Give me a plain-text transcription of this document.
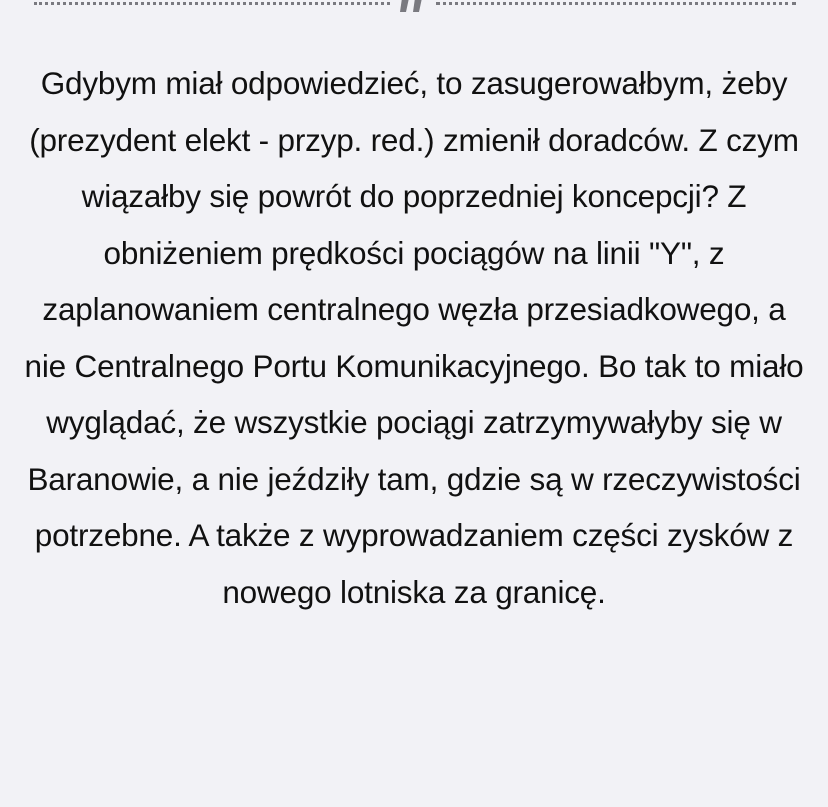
Gdybym miał odpowiedzieć, to zasugerowałbym, żeby (prezydent elekt - przyp. red.) zmienił doradców. Z czym wiązałby się powrót do poprzedniej koncepcji? Z obniżeniem prędkości pociągów na linii "Y", z zaplanowaniem centralnego węzła przesiadkowego, a nie Centralnego Portu Komunikacyjnego. Bo tak to miało wyglądać, że wszystkie pociągi zatrzymywałyby się w Baranowie, a nie jeździły tam, gdzie są w rzeczywistości potrzebne. A także z wyprowadzaniem części zysków z nowego lotniska za granicę.
